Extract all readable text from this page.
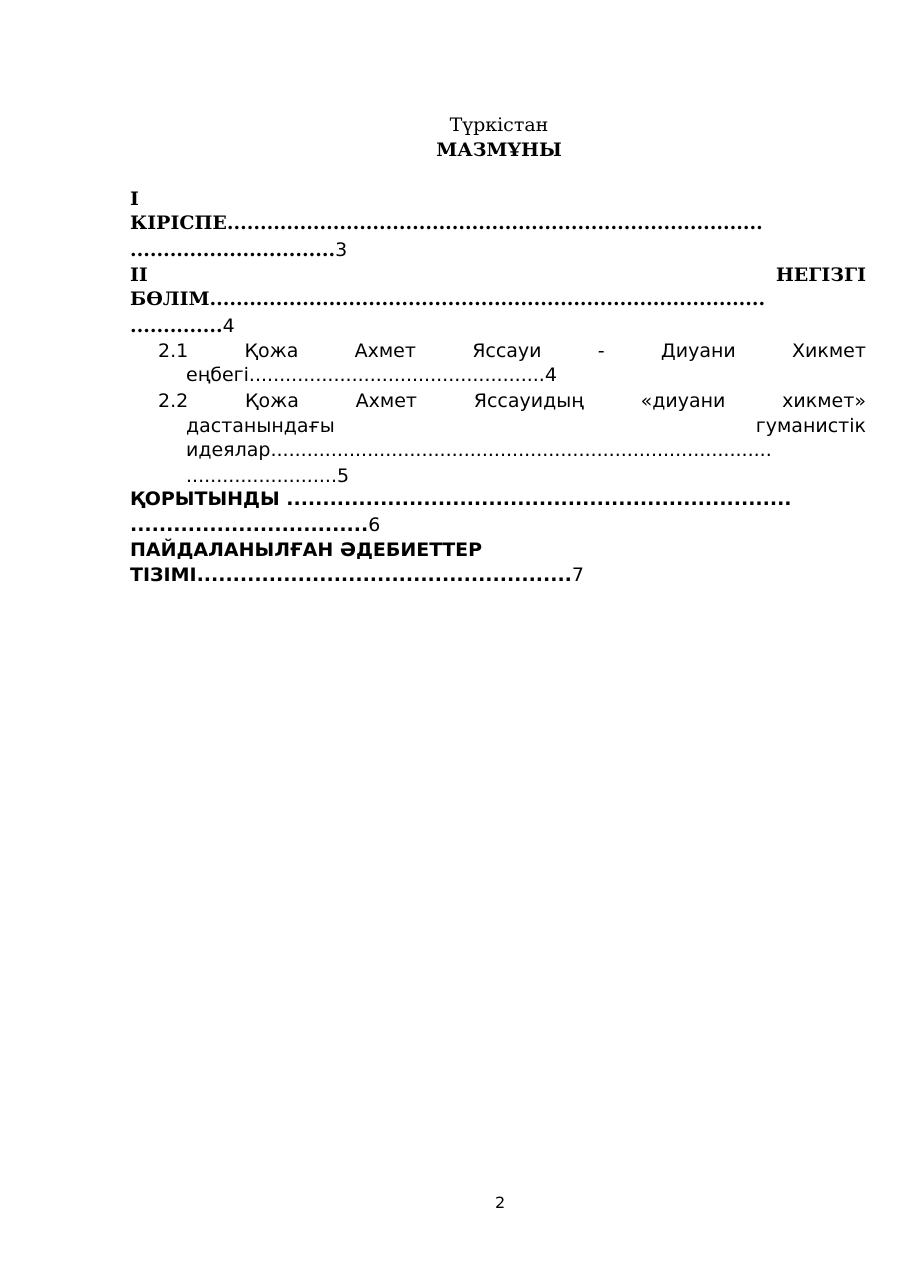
Түркістан
МАЗМҰНЫ
I
КІРІСПЕ.................................................................................
...............................3
II	НЕГІЗГІ
БӨЛІМ....................................................................................
..............4
2.1	Қожа	Ахмет	Яссауи	-	Диуани	Хикмет
еңбегі.................................................4
2.2	Қожа	Ахмет	Яссауидың	«диуани	хикмет»
дастанындағы	гуманистік
идеялар...................................................................................
.........................5
ҚОРЫТЫНДЫ ......................................................................
.................................6
ПАЙДАЛАНЫЛҒАН ӘДЕБИЕТТЕР
ТІЗІМІ....................................................7
2
